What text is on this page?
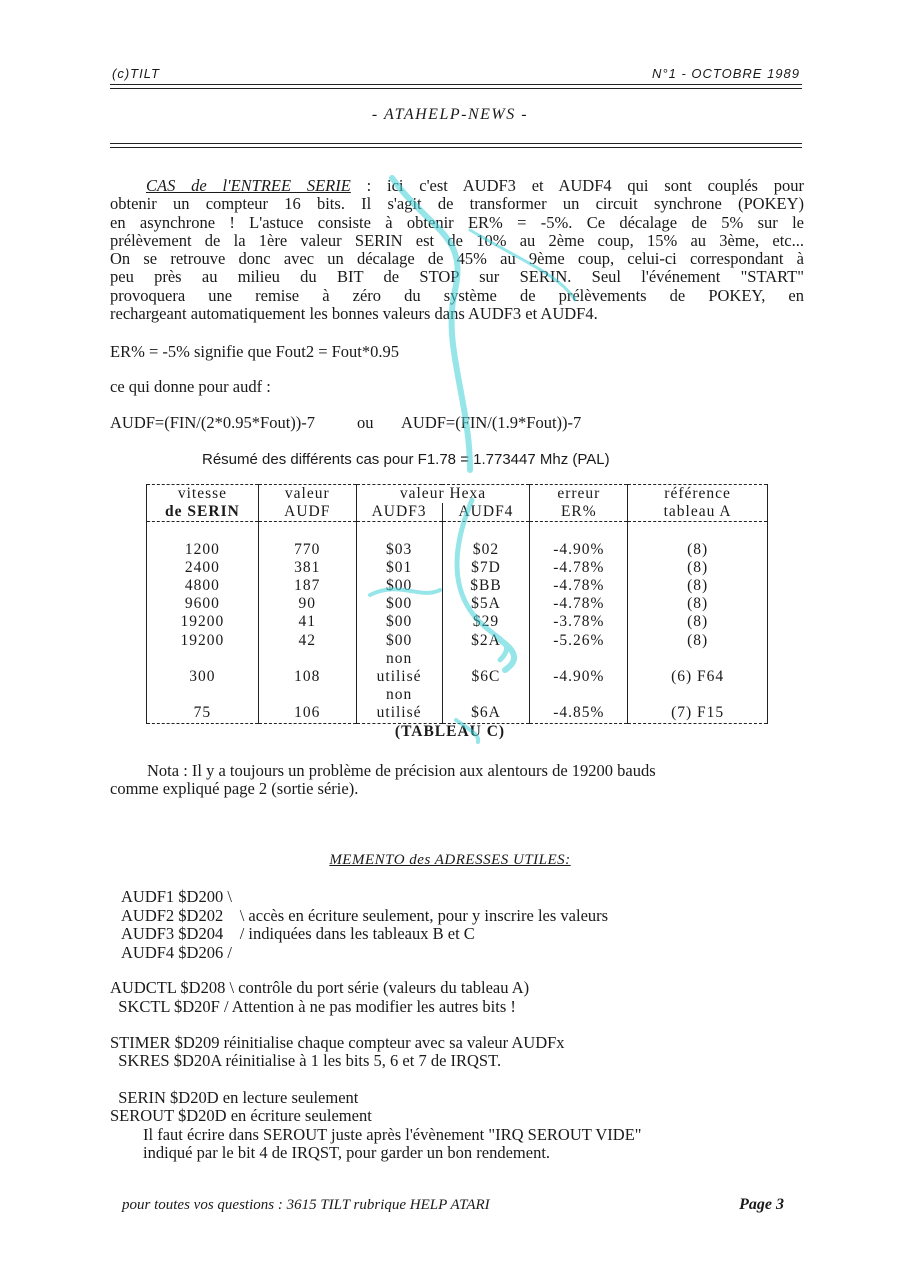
(c)TILT	N°1 - OCTOBRE 1989
- ATAHELP-NEWS -
CAS de l'ENTREE SERIE : ici c'est AUDF3 et AUDF4 qui sont couplés pour
obtenir un compteur 16 bits. Il s'agit de transformer un circuit synchrone (POKEY)
en asynchrone ! L'astuce consiste à obtenir ER% = -5%. Ce décalage de 5% sur le
prélèvement de la 1ère valeur SERIN est de 10% au 2ème coup, 15% au 3ème, etc...
On se retrouve donc avec un décalage de 45% au 9ème coup, celui-ci correspondant à
peu près au milieu du BIT de STOP sur SERIN. Seul l'événement "START"
provoquera une remise à zéro du système de prélèvements de POKEY, en
rechargeant automatiquement les bonnes valeurs dans AUDF3 et AUDF4.
ER% = -5% signifie que Fout2 = Fout*0.95
ce qui donne pour audf :
AUDF=(FIN/(2*0.95*Fout))-7	ou AUDF=(FIN/(1.9*Fout))-7
Résumé des différents cas pour F1.78 = 1.773447 Mhz (PAL)
vitesse	valeur	valeur Hexa		erreur	référence
de SERIN	AUDF	AUDF3	AUDF4	ER%	tableau A

1200	770	$03	$02	-4.90%	(8)
2400	381	$01	$7D	-4.78%	(8)
4800	187	$00	$BB	-4.78%	(8)
9600	90	$00	$5A	-4.78%	(8)
19200	41	$00	$29	-3.78%	(8)
19200	42	$00	$2A	-5.26%	(8)
		non			
300	108	utilisé	$6C	-4.90%	(6) F64
		non			
75	106	utilisé	$6A	-4.85%	(7) F15
(TABLEAU C)
Nota : Il y a toujours un problème de précision aux alentours de 19200 bauds
comme expliqué page 2 (sortie série).
MEMENTO des ADRESSES UTILES:
AUDF1 $D200 \
AUDF2 $D202    \ accès en écriture seulement, pour y inscrire les valeurs
AUDF3 $D204    / indiquées dans les tableaux B et C
AUDF4 $D206 /
AUDCTL $D208 \ contrôle du port série (valeurs du tableau A)
SKCTL $D20F / Attention à ne pas modifier les autres bits !
STIMER $D209 réinitialise chaque compteur avec sa valeur AUDFx
SKRES $D20A réinitialise à 1 les bits 5, 6 et 7 de IRQST.
SERIN $D20D en lecture seulement
SEROUT $D20D en écriture seulement
Il faut écrire dans SEROUT juste après l'évènement "IRQ SEROUT VIDE"
indiqué par le bit 4 de IRQST, pour garder un bon rendement.
pour toutes vos questions : 3615 TILT rubrique HELP ATARI	Page 3
